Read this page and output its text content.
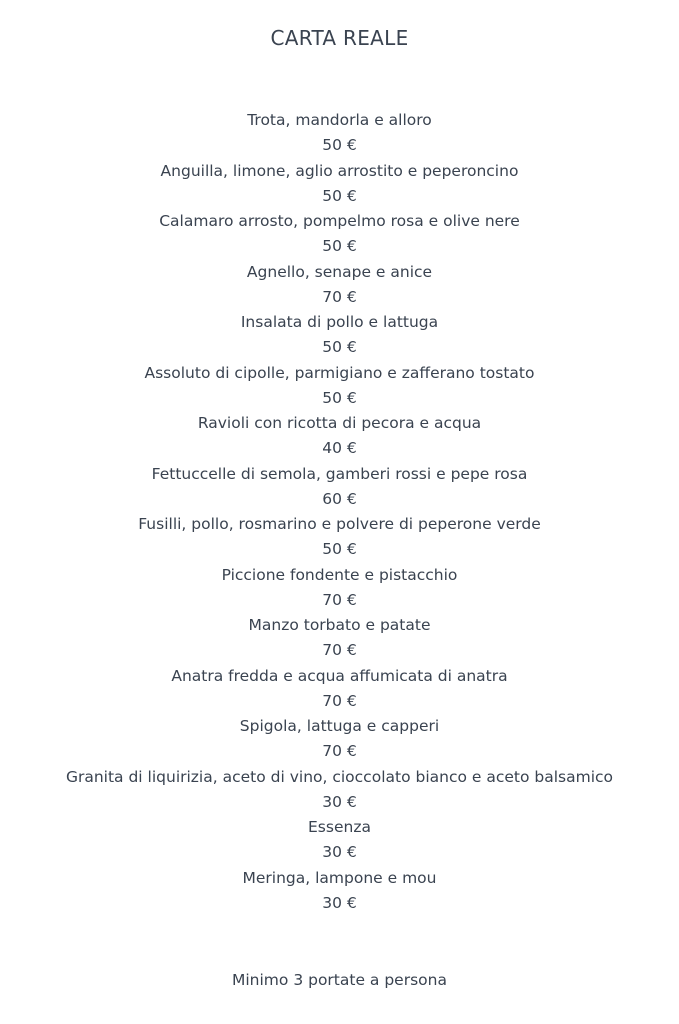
CARTA REALE
Trota, mandorla e alloro
50 €
Anguilla, limone, aglio arrostito e peperoncino
50 €
Calamaro arrosto, pompelmo rosa e olive nere
50 €
Agnello, senape e anice
70 €
Insalata di pollo e lattuga
50 €
Assoluto di cipolle, parmigiano e zafferano tostato
50 €
Ravioli con ricotta di pecora e acqua
40 €
Fettuccelle di semola, gamberi rossi e pepe rosa
60 €
Fusilli, pollo, rosmarino e polvere di peperone verde
50 €
Piccione fondente e pistacchio
70 €
Manzo torbato e patate
70 €
Anatra fredda e acqua affumicata di anatra
70 €
Spigola, lattuga e capperi
70 €
Granita di liquirizia, aceto di vino, cioccolato bianco e aceto balsamico
30 €
Essenza
30 €
Meringa, lampone e mou
30 €
Minimo 3 portate a persona
